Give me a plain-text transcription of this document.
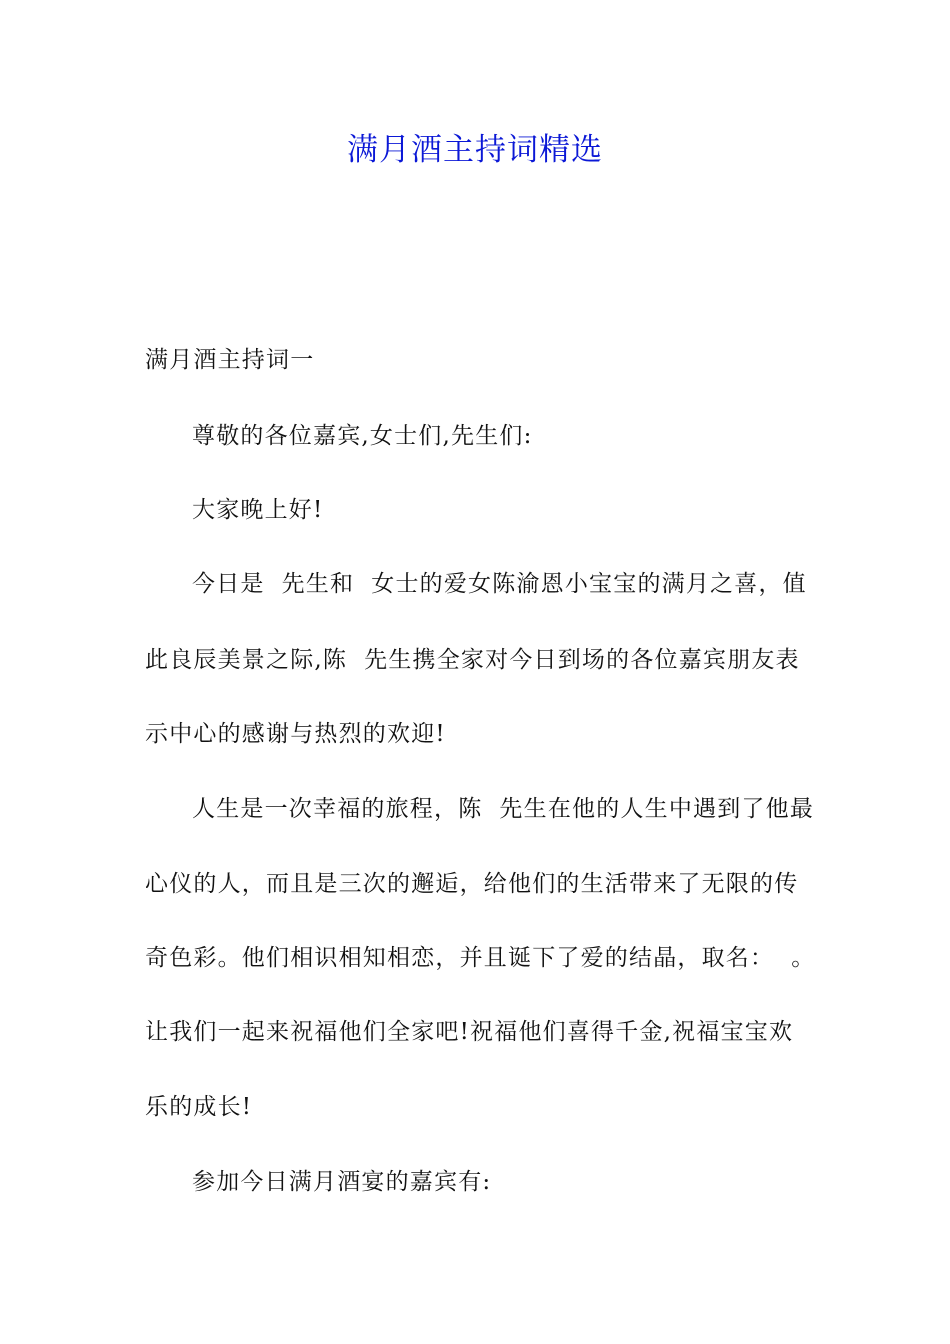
满月酒主持词精选
满月酒主持词一
尊敬的各位嘉宾,女士们,先生们:
大家晚上好!
今日是  先生和  女士的爱女陈渝恩小宝宝的满月之喜，值
此良辰美景之际,陈  先生携全家对今日到场的各位嘉宾朋友表
示中心的感谢与热烈的欢迎!
人生是一次幸福的旅程，陈  先生在他的人生中遇到了他最
心仪的人，而且是三次的邂逅，给他们的生活带来了无限的传
奇色彩。他们相识相知相恋，并且诞下了爱的结晶，取名：  。
让我们一起来祝福他们全家吧!祝福他们喜得千金,祝福宝宝欢
乐的成长!
参加今日满月酒宴的嘉宾有:
